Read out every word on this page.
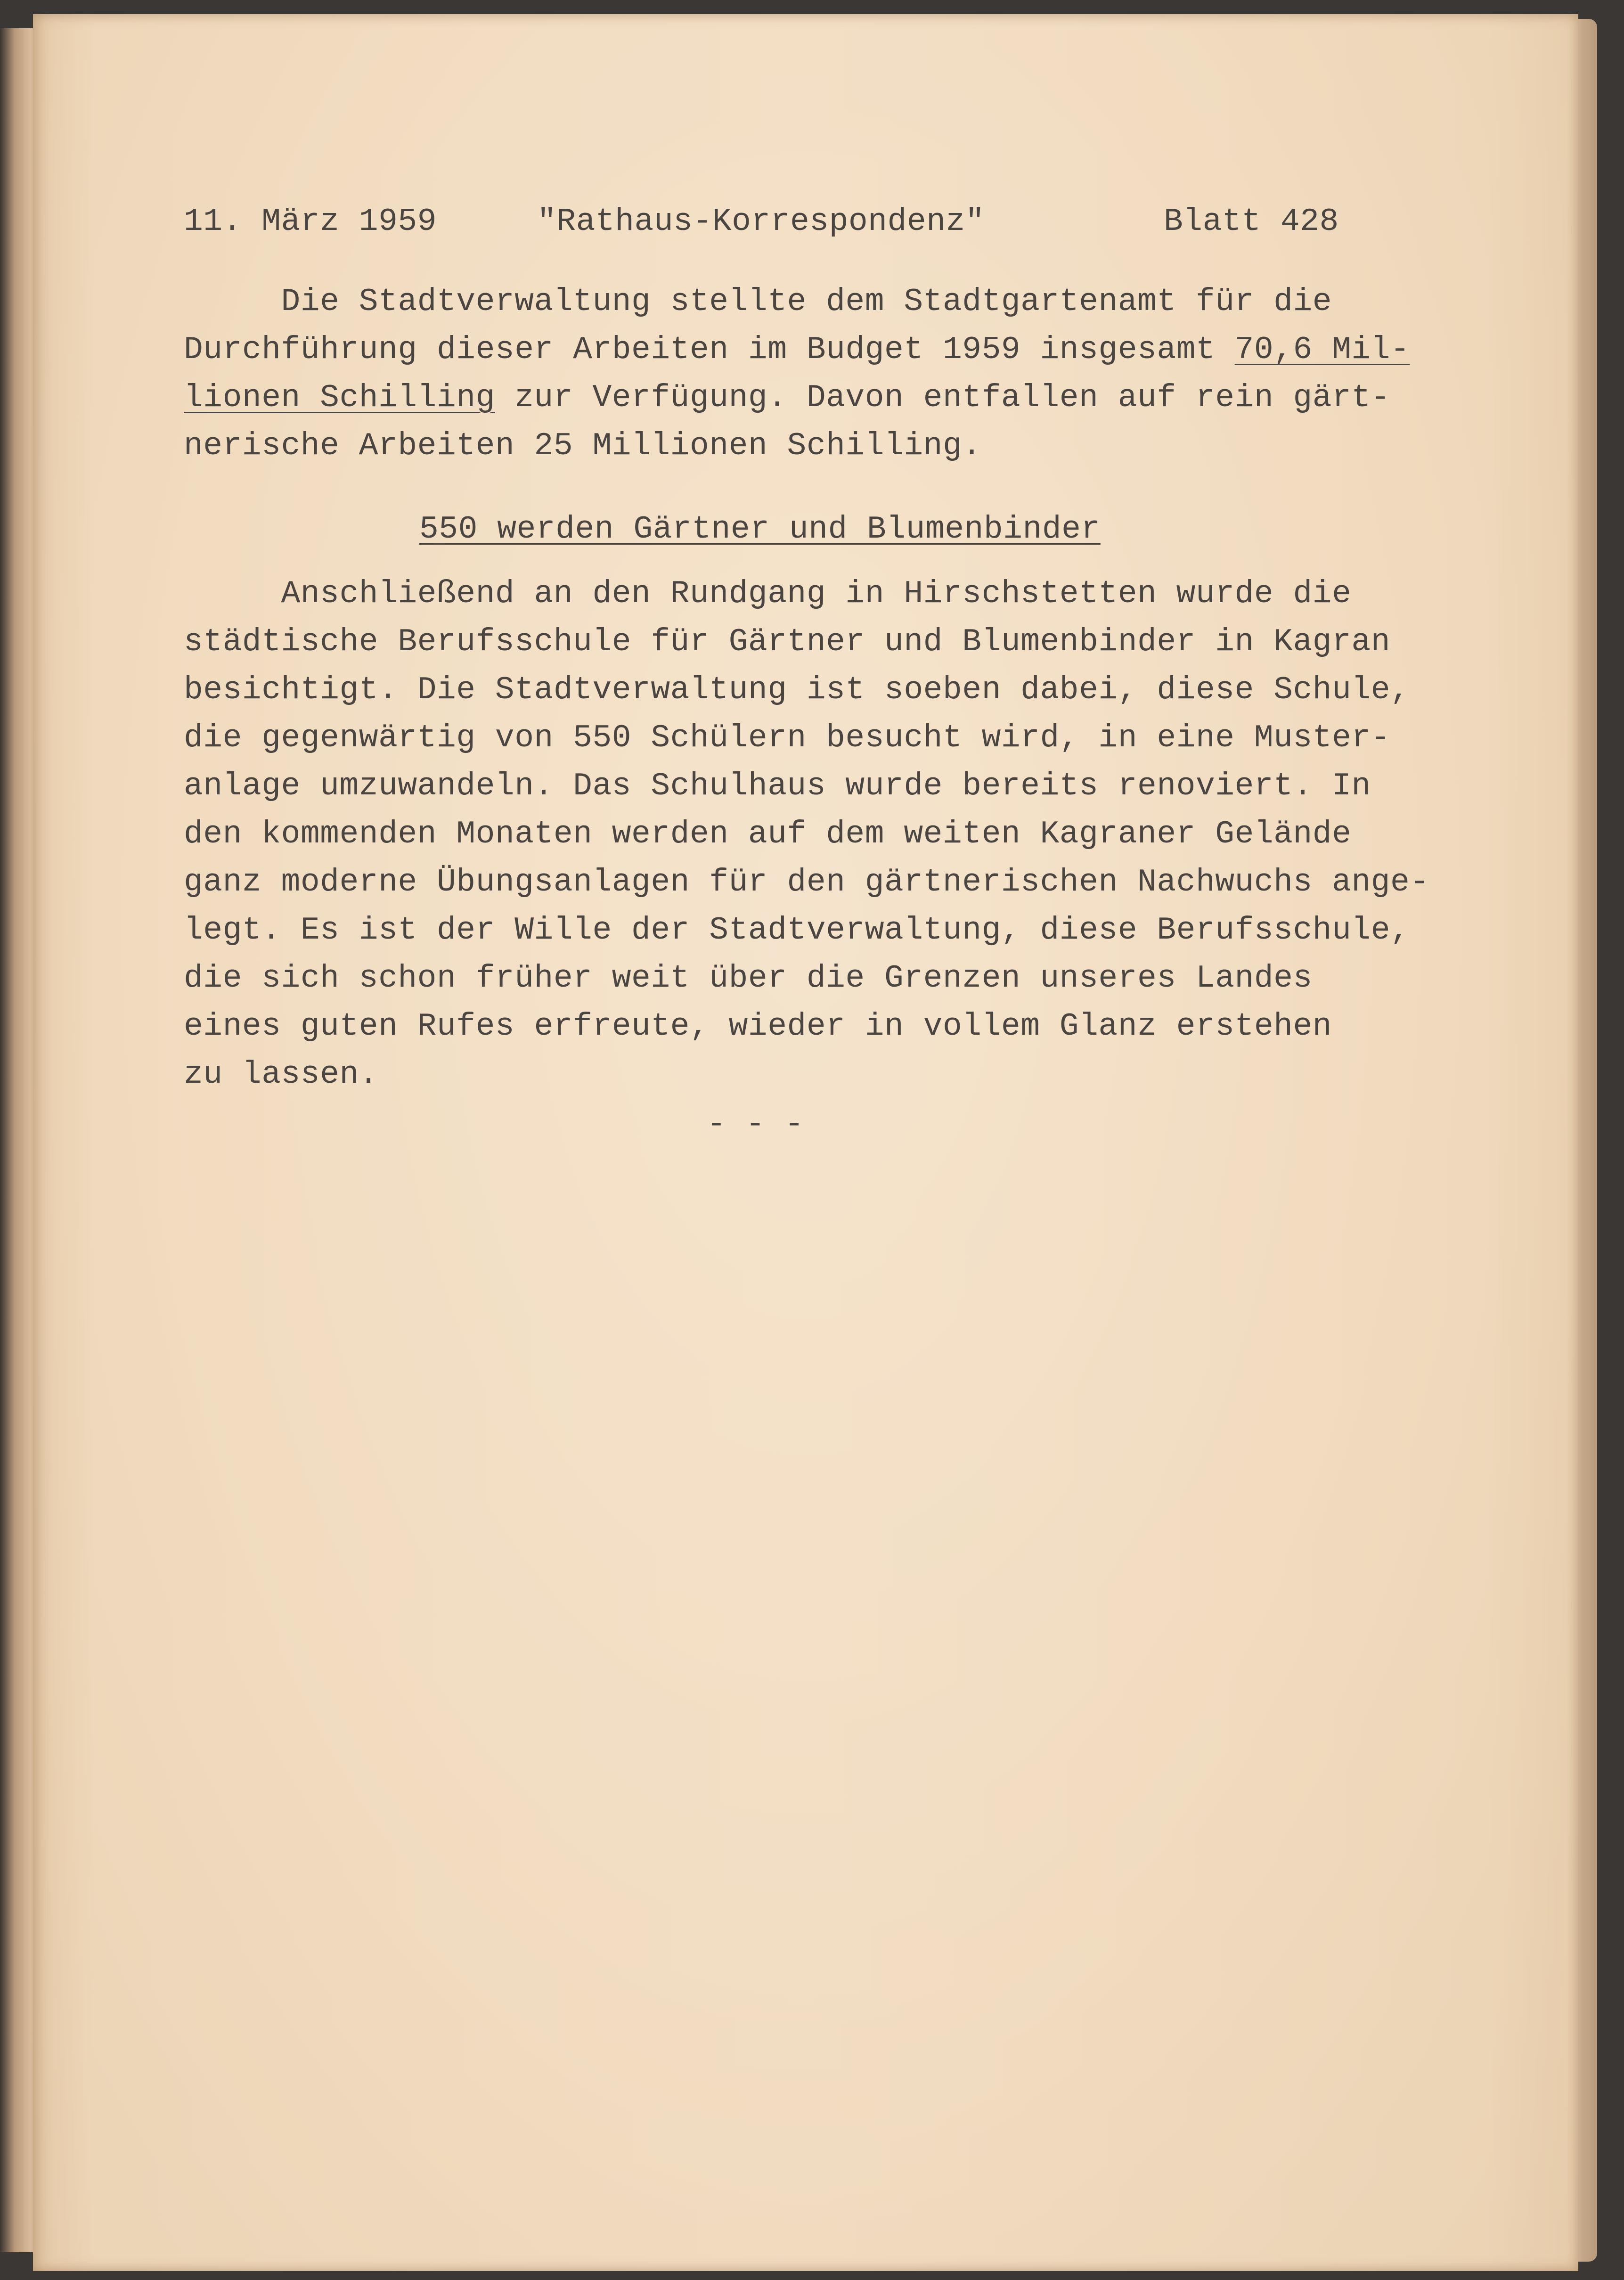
11. März 1959	"Rathaus-Korrespondenz"	Blatt 428
Die Stadtverwaltung stellte dem Stadtgartenamt für die
Durchführung dieser Arbeiten im Budget 1959 insgesamt 70,6 Mil-
lionen Schilling zur Verfügung. Davon entfallen auf rein gärt-
nerische Arbeiten 25 Millionen Schilling.
550 werden Gärtner und Blumenbinder
Anschließend an den Rundgang in Hirschstetten wurde die
städtische Berufsschule für Gärtner und Blumenbinder in Kagran
besichtigt. Die Stadtverwaltung ist soeben dabei, diese Schule,
die gegenwärtig von 550 Schülern besucht wird, in eine Muster-
anlage umzuwandeln. Das Schulhaus wurde bereits renoviert. In
den kommenden Monaten werden auf dem weiten Kagraner Gelände
ganz moderne Übungsanlagen für den gärtnerischen Nachwuchs ange-
legt. Es ist der Wille der Stadtverwaltung, diese Berufsschule,
die sich schon früher weit über die Grenzen unseres Landes
eines guten Rufes erfreute, wieder in vollem Glanz erstehen
zu lassen.
- - -
